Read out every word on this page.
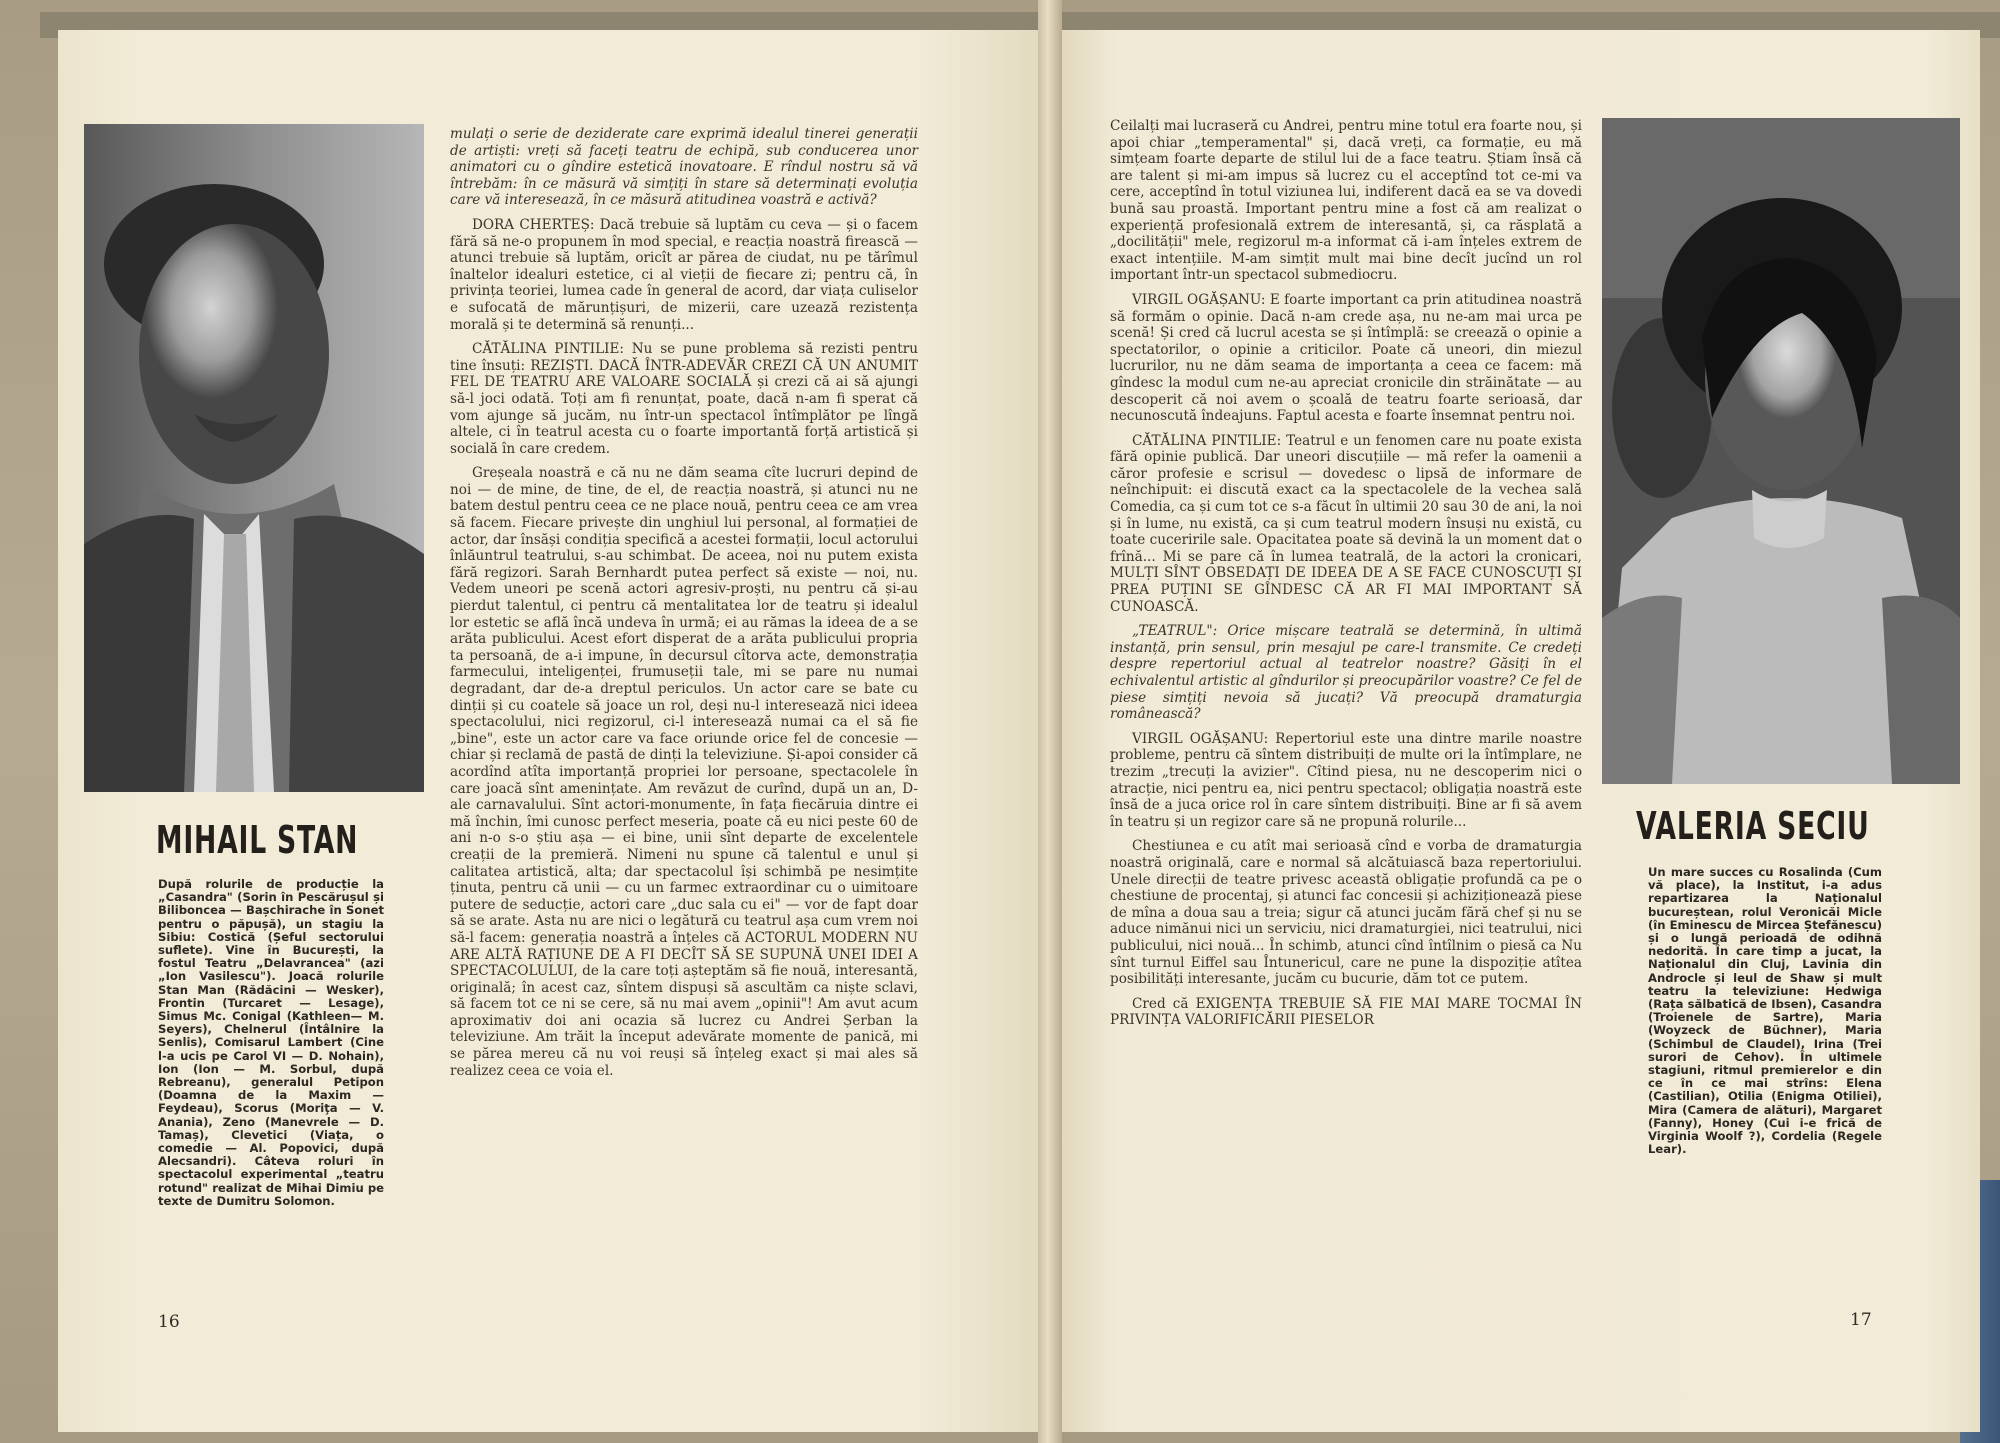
MIHAIL STAN
După rolurile de producție la „Casandra" (Sorin în Pescărușul și Biliboncea — Bașchirache în Sonet pentru o păpușă), un stagiu la Sibiu: Costică (Șeful sectorului suflete). Vine în București, la fostul Teatru „Delavrancea" (azi „Ion Vasilescu"). Joacă rolurile Stan Man (Rădăcini — Wesker), Frontin (Turcaret — Lesage), Simus Mc. Conigal (Kathleen— M. Seyers), Chelnerul (Întâlnire la Senlis), Comisarul Lambert (Cine l-a ucis pe Carol VI — D. Nohain), Ion (Ion — M. Sorbul, după Rebreanu), generalul Petipon (Doamna de la Maxim — Feydeau), Scorus (Moriţa — V. Anania), Zeno (Manevrele — D. Tamaș), Clevetici (Viața, o comedie — Al. Popovici, după Alecsandri). Câteva roluri în spectacolul experimental „teatru rotund" realizat de Mihai Dimiu pe texte de Dumitru Solomon.

mulați o serie de deziderate care exprimă idealul tinerei generații de artiști: vreți să faceți teatru de echipă, sub conducerea unor animatori cu o gîndire estetică inovatoare. E rîndul nostru să vă întrebăm: în ce măsură vă simțiți în stare să determinați evoluția care vă interesează, în ce măsură atitudinea voastră e activă?

DORA CHERTEȘ: Dacă trebuie să luptăm cu ceva — și o facem fără să ne-o propunem în mod special, e reacția noastră firească — atunci trebuie să luptăm, oricît ar părea de ciudat, nu pe tărîmul înaltelor idealuri estetice, ci al vieții de fiecare zi; pentru că, în privința teoriei, lumea cade în general de acord, dar viața culiselor e sufocată de mărunțișuri, de mizerii, care uzează rezistența morală și te determină să renunți...

CĂTĂLINA PINTILIE: Nu se pune problema să rezisti pentru tine însuți: REZIȘTI. DACĂ ÎNTR-ADEVĂR CREZI CĂ UN ANUMIT FEL DE TEATRU ARE VALOARE SOCIALĂ și crezi că ai să ajungi să-l joci odată. Toți am fi renunțat, poate, dacă n-am fi sperat că vom ajunge să jucăm, nu într-un spectacol întîmplător pe lîngă altele, ci în teatrul acesta cu o foarte importantă forță artistică și socială în care credem.

Greșeala noastră e că nu ne dăm seama cîte lucruri depind de noi — de mine, de tine, de el, de reacția noastră, și atunci nu ne batem destul pentru ceea ce ne place nouă, pentru ceea ce am vrea să facem. Fiecare privește din unghiul lui personal, al formației de actor, dar însăși condiția specifică a acestei formații, locul actorului înlăuntrul teatrului, s-au schimbat. De aceea, noi nu putem exista fără regizori. Sarah Bernhardt putea perfect să existe — noi, nu. Vedem uneori pe scenă actori agresiv-proști, nu pentru că și-au pierdut talentul, ci pentru că mentalitatea lor de teatru și idealul lor estetic se află încă undeva în urmă; ei au rămas la ideea de a se arăta publicului. Acest efort disperat de a arăta publicului propria ta persoană, de a-i impune, în decursul cîtorva acte, demonstrația farmecului, inteligenței, frumuseții tale, mi se pare nu numai degradant, dar de-a dreptul periculos. Un actor care se bate cu dinții și cu coatele să joace un rol, deși nu-l interesează nici ideea spectacolului, nici regizorul, ci-l interesează numai ca el să fie „bine", este un actor care va face oriunde orice fel de concesie — chiar și reclamă de pastă de dinți la televiziune. Și-apoi consider că acordînd atîta importanță propriei lor persoane, spectacolele în care joacă sînt amenințate. Am revăzut de curînd, după un an, D-ale carnavalului. Sînt actori-monumente, în fața fiecăruia dintre ei mă închin, îmi cunosc perfect meseria, poate că eu nici peste 60 de ani n-o s-o știu așa — ei bine, unii sînt departe de excelentele creații de la premieră. Nimeni nu spune că talentul e unul și calitatea artistică, alta; dar spectacolul își schimbă pe nesimțite ținuta, pentru că unii — cu un farmec extraordinar cu o uimitoare putere de seducție, actori care „duc sala cu ei" — vor de fapt doar să se arate. Asta nu are nici o legătură cu teatrul așa cum vrem noi să-l facem: generația noastră a înțeles că ACTORUL MODERN NU ARE ALTĂ RAȚIUNE DE A FI DECÎT SĂ SE SUPUNĂ UNEI IDEI A SPECTACOLULUI, de la care toți așteptăm să fie nouă, interesantă, originală; în acest caz, sîntem dispuși să ascultăm ca niște sclavi, să facem tot ce ni se cere, să nu mai avem „opinii"! Am avut acum aproximativ doi ani ocazia să lucrez cu Andrei Șerban la televiziune. Am trăit la început adevărate momente de panică, mi se părea mereu că nu voi reuși să înțeleg exact și mai ales să realizez ceea ce voia el.

16

Ceilalți mai lucraseră cu Andrei, pentru mine totul era foarte nou, și apoi chiar „temperamental" și, dacă vreți, ca formație, eu mă simțeam foarte departe de stilul lui de a face teatru. Știam însă că are talent și mi-am impus să lucrez cu el acceptînd tot ce-mi va cere, acceptînd în totul viziunea lui, indiferent dacă ea se va dovedi bună sau proastă. Important pentru mine a fost că am realizat o experiență profesională extrem de interesantă, și, ca răsplată a „docilității" mele, regizorul m-a informat că i-am înțeles extrem de exact intențiile. M-am simțit mult mai bine decît jucînd un rol important într-un spectacol submediocru.

VIRGIL OGĂȘANU: E foarte important ca prin atitudinea noastră să formăm o opinie. Dacă n-am crede așa, nu ne-am mai urca pe scenă! Și cred că lucrul acesta se și întîmplă: se creează o opinie a spectatorilor, o opinie a criticilor. Poate că uneori, din miezul lucrurilor, nu ne dăm seama de importanța a ceea ce facem: mă gîndesc la modul cum ne-au apreciat cronicile din străinătate — au descoperit că noi avem o școală de teatru foarte serioasă, dar necunoscută îndeajuns. Faptul acesta e foarte însemnat pentru noi.

CĂTĂLINA PINTILIE: Teatrul e un fenomen care nu poate exista fără opinie publică. Dar uneori discuțiile — mă refer la oamenii a căror profesie e scrisul — dovedesc o lipsă de informare de neînchipuit: ei discută exact ca la spectacolele de la vechea sală Comedia, ca și cum tot ce s-a făcut în ultimii 20 sau 30 de ani, la noi și în lume, nu există, ca și cum teatrul modern însuși nu există, cu toate cuceririle sale. Opacitatea poate să devină la un moment dat o frînă... Mi se pare că în lumea teatrală, de la actori la cronicari, MULȚI SÎNT OBSEDAȚI DE IDEEA DE A SE FACE CUNOSCUȚI ȘI PREA PUȚINI SE GÎNDESC CĂ AR FI MAI IMPORTANT SĂ CUNOASCĂ.

„TEATRUL": Orice mișcare teatrală se determină, în ultimă instanță, prin sensul, prin mesajul pe care-l transmite. Ce credeți despre repertoriul actual al teatrelor noastre? Găsiți în el echivalentul artistic al gîndurilor și preocupărilor voastre? Ce fel de piese simțiți nevoia să jucați? Vă preocupă dramaturgia românească?

VIRGIL OGĂȘANU: Repertoriul este una dintre marile noastre probleme, pentru că sîntem distribuiți de multe ori la întîmplare, ne trezim „trecuți la avizier". Cîtind piesa, nu ne descoperim nici o atracție, nici pentru ea, nici pentru spectacol; obligația noastră este însă de a juca orice rol în care sîntem distribuiți. Bine ar fi să avem în teatru și un regizor care să ne propună rolurile...

Chestiunea e cu atît mai serioasă cînd e vorba de dramaturgia noastră originală, care e normal să alcătuiască baza repertoriului. Unele direcții de teatre privesc această obligație profundă ca pe o chestiune de procentaj, și atunci fac concesii și achiziționează piese de mîna a doua sau a treia; sigur că atunci jucăm fără chef și nu se aduce nimănui nici un serviciu, nici dramaturgiei, nici teatrului, nici publicului, nici nouă... În schimb, atunci cînd întîlnim o piesă ca Nu sînt turnul Eiffel sau Întunericul, care ne pune la dispoziție atîtea posibilități interesante, jucăm cu bucurie, dăm tot ce putem.

Cred că EXIGENȚA TREBUIE SĂ FIE MAI MARE TOCMAI ÎN PRIVINȚA VALORIFICĂRII PIESELOR

VALERIA SECIU
Un mare succes cu Rosalinda (Cum vă place), la Institut, i-a adus repartizarea la Naționalul bucureștean, rolul Veronicăi Micle (în Eminescu de Mircea Ștefănescu) și o lungă perioadă de odihnă nedorită. În care timp a jucat, la Naționalul din Cluj, Lavinia din Androcle și leul de Shaw și mult teatru la televiziune: Hedwiga (Rața sălbatică de Ibsen), Casandra (Troienele de Sartre), Maria (Woyzeck de Büchner), Maria (Schimbul de Claudel), Irina (Trei surori de Cehov). În ultimele stagiuni, ritmul premierelor e din ce în ce mai strîns: Elena (Castilian), Otilia (Enigma Otiliei), Mira (Camera de alături), Margaret (Fanny), Honey (Cui i-e frică de Virginia Woolf ?), Cordelia (Regele Lear).
17
